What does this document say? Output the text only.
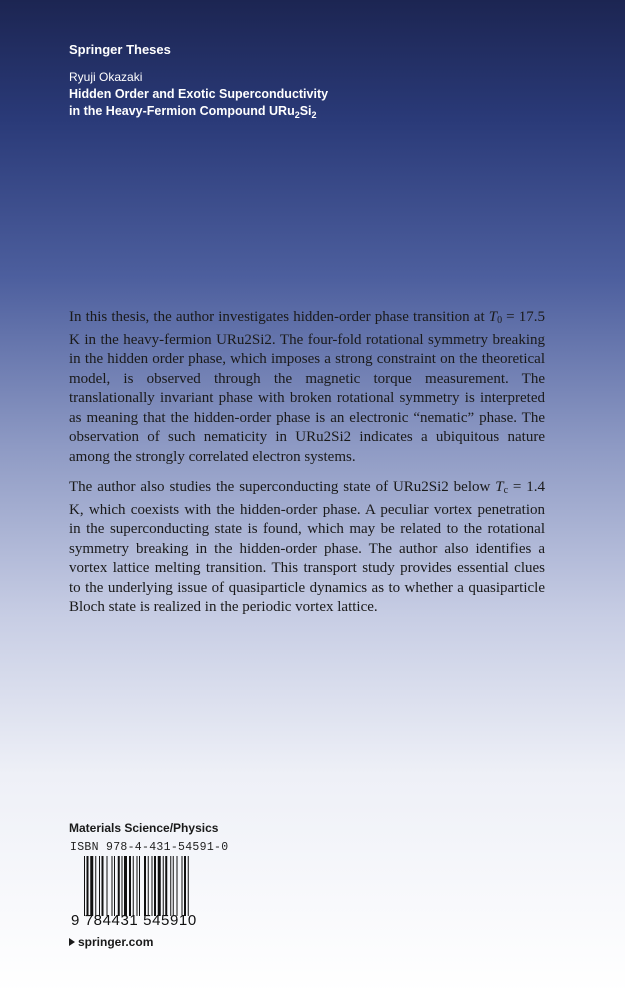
Springer Theses
Ryuji Okazaki
Hidden Order and Exotic Superconductivity
in the Heavy-Fermion Compound $URu_2Si_2$

In this thesis, the author investigates hidden-order phase transition at $T_0 = 17.5$ K in the heavy-fermion URu2Si2. The four-fold rotational symmetry breaking in the hidden order phase, which imposes a strong constraint on the theoretical model, is observed through the magnetic torque measurement. The translationally invariant phase with broken rotational symmetry is interpreted as meaning that the hidden-order phase is an electronic “nematic” phase. The observation of such nematicity in URu2Si2 indicates a ubiquitous nature among the strongly correlated electron systems.

The author also studies the superconducting state of URu2Si2 below $T_c = 1.4$ K, which coexists with the hidden-order phase. A peculiar vortex penetration in the superconducting state is found, which may be related to the rotational symmetry breaking in the hidden-order phase. The author also identifies a vortex lattice melting transition. This transport study provides essential clues to the underlying issue of quasiparticle dynamics as to whether a quasiparticle Bloch state is realized in the periodic vortex lattice.

Materials Science/Physics
ISBN 978-4-431-54591-0
9 784431 545910
springer.com
